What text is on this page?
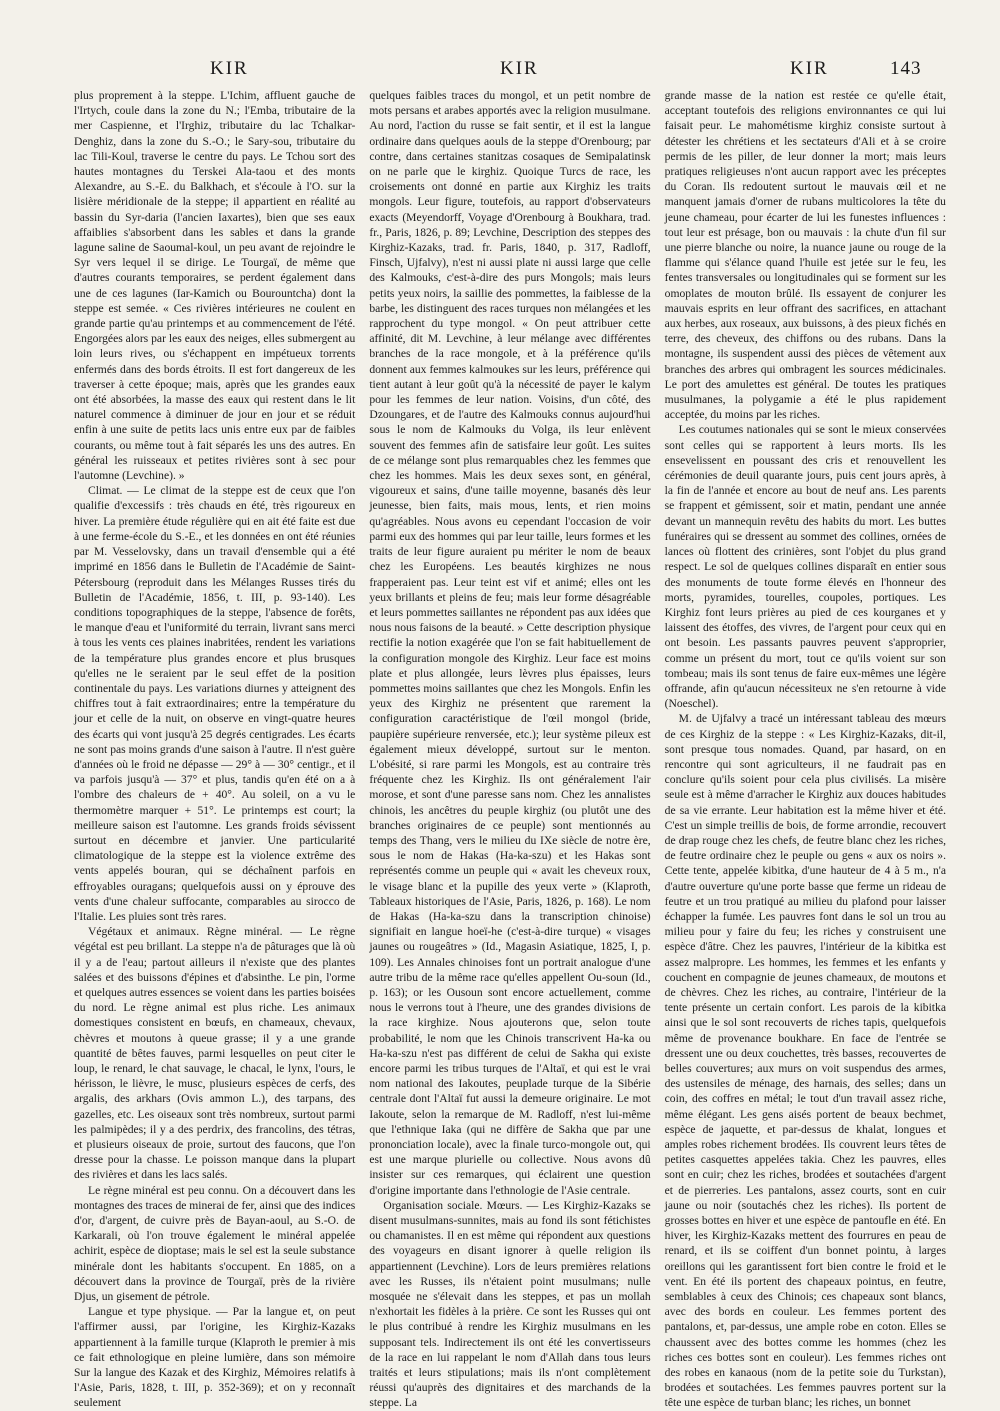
KIR	KIR	KIR	143

plus proprement à la steppe. L'Ichim, affluent gauche de l'Irtych, coule dans la zone du N.; l'Emba, tributaire de la mer Caspienne, et l'Irghiz, tributaire du lac Tchalkar-Denghiz, dans la zone du S.-O.; le Sary-sou, tributaire du lac Tili-Koul, traverse le centre du pays. Le Tchou sort des hautes montagnes du Terskei Ala-taou et des monts Alexandre, au S.-E. du Balkhach, et s'écoule à l'O. sur la lisière méridionale de la steppe; il appartient en réalité au bassin du Syr-daria (l'ancien Iaxartes), bien que ses eaux affaiblies s'absorbent dans les sables et dans la grande lagune saline de Saoumal-koul, un peu avant de rejoindre le Syr vers lequel il se dirige. Le Tourgaï, de même que d'autres courants temporaires, se perdent également dans une de ces lagunes (Iar-Kamich ou Bourountcha) dont la steppe est semée. « Ces rivières intérieures ne coulent en grande partie qu'au printemps et au commencement de l'été. Engorgées alors par les eaux des neiges, elles submergent au loin leurs rives, ou s'échappent en impétueux torrents enfermés dans des bords étroits. Il est fort dangereux de les traverser à cette époque; mais, après que les grandes eaux ont été absorbées, la masse des eaux qui restent dans le lit naturel commence à diminuer de jour en jour et se réduit enfin à une suite de petits lacs unis entre eux par de faibles courants, ou même tout à fait séparés les uns des autres. En général les ruisseaux et petites rivières sont à sec pour l'automne (Levchine). »

Climat. — Le climat de la steppe est de ceux que l'on qualifie d'excessifs : très chauds en été, très rigoureux en hiver. La première étude régulière qui en ait été faite est due à une ferme-école du S.-E., et les données en ont été réunies par M. Vesselovsky, dans un travail d'ensemble qui a été imprimé en 1856 dans le Bulletin de l'Académie de Saint-Pétersbourg (reproduit dans les Mélanges Russes tirés du Bulletin de l'Académie, 1856, t. III, p. 93-140). Les conditions topographiques de la steppe, l'absence de forêts, le manque d'eau et l'uniformité du terrain, livrant sans merci à tous les vents ces plaines inabritées, rendent les variations de la température plus grandes encore et plus brusques qu'elles ne le seraient par le seul effet de la position continentale du pays. Les variations diurnes y atteignent des chiffres tout à fait extraordinaires; entre la température du jour et celle de la nuit, on observe en vingt-quatre heures des écarts qui vont jusqu'à 25 degrés centigrades. Les écarts ne sont pas moins grands d'une saison à l'autre. Il n'est guère d'années où le froid ne dépasse — 29° à — 30° centigr., et il va parfois jusqu'à — 37° et plus, tandis qu'en été on a à l'ombre des chaleurs de + 40°. Au soleil, on a vu le thermomètre marquer + 51°. Le printemps est court; la meilleure saison est l'automne. Les grands froids sévissent surtout en décembre et janvier. Une particularité climatologique de la steppe est la violence extrême des vents appelés bouran, qui se déchaînent parfois en effroyables ouragans; quelquefois aussi on y éprouve des vents d'une chaleur suffocante, comparables au sirocco de l'Italie. Les pluies sont très rares.

Végétaux et animaux. Règne minéral. — Le règne végétal est peu brillant. La steppe n'a de pâturages que là où il y a de l'eau; partout ailleurs il n'existe que des plantes salées et des buissons d'épines et d'absinthe. Le pin, l'orme et quelques autres essences se voient dans les parties boisées du nord. Le règne animal est plus riche. Les animaux domestiques consistent en bœufs, en chameaux, chevaux, chèvres et moutons à queue grasse; il y a une grande quantité de bêtes fauves, parmi lesquelles on peut citer le loup, le renard, le chat sauvage, le chacal, le lynx, l'ours, le hérisson, le lièvre, le musc, plusieurs espèces de cerfs, des argalis, des arkhars (Ovis ammon L.), des tarpans, des gazelles, etc. Les oiseaux sont très nombreux, surtout parmi les palmipèdes; il y a des perdrix, des francolins, des tétras, et plusieurs oiseaux de proie, surtout des faucons, que l'on dresse pour la chasse. Le poisson manque dans la plupart des rivières et dans les lacs salés.

Le règne minéral est peu connu. On a découvert dans les montagnes des traces de minerai de fer, ainsi que des indices d'or, d'argent, de cuivre près de Bayan-aoul, au S.-O. de Karkarali, où l'on trouve également le minéral appelée achirit, espèce de dioptase; mais le sel est la seule substance minérale dont les habitants s'occupent. En 1885, on a découvert dans la province de Tourgaï, près de la rivière Djus, un gisement de pétrole.

Langue et type physique. — Par la langue et, on peut l'affirmer aussi, par l'origine, les Kirghiz-Kazaks appartiennent à la famille turque (Klaproth le premier à mis ce fait ethnologique en pleine lumière, dans son mémoire Sur la langue des Kazak et des Kirghiz, Mémoires relatifs à l'Asie, Paris, 1828, t. III, p. 352-369); et on y reconnaît seulement

quelques faibles traces du mongol, et un petit nombre de mots persans et arabes apportés avec la religion musulmane. Au nord, l'action du russe se fait sentir, et il est la langue ordinaire dans quelques aouls de la steppe d'Orenbourg; par contre, dans certaines stanitzas cosaques de Semipalatinsk on ne parle que le kirghiz. Quoique Turcs de race, les croisements ont donné en partie aux Kirghiz les traits mongols. Leur figure, toutefois, au rapport d'observateurs exacts (Meyendorff, Voyage d'Orenbourg à Boukhara, trad. fr., Paris, 1826, p. 89; Levchine, Description des steppes des Kirghiz-Kazaks, trad. fr. Paris, 1840, p. 317, Radloff, Finsch, Ujfalvy), n'est ni aussi plate ni aussi large que celle des Kalmouks, c'est-à-dire des purs Mongols; mais leurs petits yeux noirs, la saillie des pommettes, la faiblesse de la barbe, les distinguent des races turques non mélangées et les rapprochent du type mongol. « On peut attribuer cette affinité, dit M. Levchine, à leur mélange avec différentes branches de la race mongole, et à la préférence qu'ils donnent aux femmes kalmoukes sur les leurs, préférence qui tient autant à leur goût qu'à la nécessité de payer le kalym pour les femmes de leur nation. Voisins, d'un côté, des Dzoungares, et de l'autre des Kalmouks connus aujourd'hui sous le nom de Kalmouks du Volga, ils leur enlèvent souvent des femmes afin de satisfaire leur goût. Les suites de ce mélange sont plus remarquables chez les femmes que chez les hommes. Mais les deux sexes sont, en général, vigoureux et sains, d'une taille moyenne, basanés dès leur jeunesse, bien faits, mais mous, lents, et rien moins qu'agréables. Nous avons eu cependant l'occasion de voir parmi eux des hommes qui par leur taille, leurs formes et les traits de leur figure auraient pu mériter le nom de beaux chez les Européens. Les beautés kirghizes ne nous frapperaient pas. Leur teint est vif et animé; elles ont les yeux brillants et pleins de feu; mais leur forme désagréable et leurs pommettes saillantes ne répondent pas aux idées que nous nous faisons de la beauté. » Cette description physique rectifie la notion exagérée que l'on se fait habituellement de la configuration mongole des Kirghiz. Leur face est moins plate et plus allongée, leurs lèvres plus épaisses, leurs pommettes moins saillantes que chez les Mongols. Enfin les yeux des Kirghiz ne présentent que rarement la configuration caractéristique de l'œil mongol (bride, paupière supérieure renversée, etc.); leur système pileux est également mieux développé, surtout sur le menton. L'obésité, si rare parmi les Mongols, est au contraire très fréquente chez les Kirghiz. Ils ont généralement l'air morose, et sont d'une paresse sans nom. Chez les annalistes chinois, les ancêtres du peuple kirghiz (ou plutôt une des branches originaires de ce peuple) sont mentionnés au temps des Thang, vers le milieu du IXe siècle de notre ère, sous le nom de Hakas (Ha-ka-szu) et les Hakas sont représentés comme un peuple qui « avait les cheveux roux, le visage blanc et la pupille des yeux verte » (Klaproth, Tableaux historiques de l'Asie, Paris, 1826, p. 168). Le nom de Hakas (Ha-ka-szu dans la transcription chinoise) signifiait en langue hoeï-he (c'est-à-dire turque) « visages jaunes ou rougeâtres » (Id., Magasin Asiatique, 1825, I, p. 109). Les Annales chinoises font un portrait analogue d'une autre tribu de la même race qu'elles appellent Ou-soun (Id., p. 163); or les Ousoun sont encore actuellement, comme nous le verrons tout à l'heure, une des grandes divisions de la race kirghize. Nous ajouterons que, selon toute probabilité, le nom que les Chinois transcrivent Ha-ka ou Ha-ka-szu n'est pas différent de celui de Sakha qui existe encore parmi les tribus turques de l'Altaï, et qui est le vrai nom national des Iakoutes, peuplade turque de la Sibérie centrale dont l'Altaï fut aussi la demeure originaire. Le mot Iakoute, selon la remarque de M. Radloff, n'est lui-même que l'ethnique Iaka (qui ne diffère de Sakha que par une prononciation locale), avec la finale turco-mongole out, qui est une marque plurielle ou collective. Nous avons dû insister sur ces remarques, qui éclairent une question d'origine importante dans l'ethnologie de l'Asie centrale.

Organisation sociale. Mœurs. — Les Kirghiz-Kazaks se disent musulmans-sunnites, mais au fond ils sont fétichistes ou chamanistes. Il en est même qui répondent aux questions des voyageurs en disant ignorer à quelle religion ils appartiennent (Levchine). Lors de leurs premières relations avec les Russes, ils n'étaient point musulmans; nulle mosquée ne s'élevait dans les steppes, et pas un mollah n'exhortait les fidèles à la prière. Ce sont les Russes qui ont le plus contribué à rendre les Kirghiz musulmans en les supposant tels. Indirectement ils ont été les convertisseurs de la race en lui rappelant le nom d'Allah dans tous leurs traités et leurs stipulations; mais ils n'ont complètement réussi qu'auprès des dignitaires et des marchands de la steppe. La

grande masse de la nation est restée ce qu'elle était, acceptant toutefois des religions environnantes ce qui lui faisait peur. Le mahométisme kirghiz consiste surtout à détester les chrétiens et les sectateurs d'Ali et à se croire permis de les piller, de leur donner la mort; mais leurs pratiques religieuses n'ont aucun rapport avec les préceptes du Coran. Ils redoutent surtout le mauvais œil et ne manquent jamais d'orner de rubans multicolores la tête du jeune chameau, pour écarter de lui les funestes influences : tout leur est présage, bon ou mauvais : la chute d'un fil sur une pierre blanche ou noire, la nuance jaune ou rouge de la flamme qui s'élance quand l'huile est jetée sur le feu, les fentes transversales ou longitudinales qui se forment sur les omoplates de mouton brûlé. Ils essayent de conjurer les mauvais esprits en leur offrant des sacrifices, en attachant aux herbes, aux roseaux, aux buissons, à des pieux fichés en terre, des cheveux, des chiffons ou des rubans. Dans la montagne, ils suspendent aussi des pièces de vêtement aux branches des arbres qui ombragent les sources médicinales. Le port des amulettes est général. De toutes les pratiques musulmanes, la polygamie a été le plus rapidement acceptée, du moins par les riches.

Les coutumes nationales qui se sont le mieux conservées sont celles qui se rapportent à leurs morts. Ils les ensevelissent en poussant des cris et renouvellent les cérémonies de deuil quarante jours, puis cent jours après, à la fin de l'année et encore au bout de neuf ans. Les parents se frappent et gémissent, soir et matin, pendant une année devant un mannequin revêtu des habits du mort. Les buttes funéraires qui se dressent au sommet des collines, ornées de lances où flottent des crinières, sont l'objet du plus grand respect. Le sol de quelques collines disparaît en entier sous des monuments de toute forme élevés en l'honneur des morts, pyramides, tourelles, coupoles, portiques. Les Kirghiz font leurs prières au pied de ces kourganes et y laissent des étoffes, des vivres, de l'argent pour ceux qui en ont besoin. Les passants pauvres peuvent s'approprier, comme un présent du mort, tout ce qu'ils voient sur son tombeau; mais ils sont tenus de faire eux-mêmes une légère offrande, afin qu'aucun nécessiteux ne s'en retourne à vide (Noeschel).

M. de Ujfalvy a tracé un intéressant tableau des mœurs de ces Kirghiz de la steppe : « Les Kirghiz-Kazaks, dit-il, sont presque tous nomades. Quand, par hasard, on en rencontre qui sont agriculteurs, il ne faudrait pas en conclure qu'ils soient pour cela plus civilisés. La misère seule est à même d'arracher le Kirghiz aux douces habitudes de sa vie errante. Leur habitation est la même hiver et été. C'est un simple treillis de bois, de forme arrondie, recouvert de drap rouge chez les chefs, de feutre blanc chez les riches, de feutre ordinaire chez le peuple ou gens « aux os noirs ». Cette tente, appelée kibitka, d'une hauteur de 4 à 5 m., n'a d'autre ouverture qu'une porte basse que ferme un rideau de feutre et un trou pratiqué au milieu du plafond pour laisser échapper la fumée. Les pauvres font dans le sol un trou au milieu pour y faire du feu; les riches y construisent une espèce d'âtre. Chez les pauvres, l'intérieur de la kibitka est assez malpropre. Les hommes, les femmes et les enfants y couchent en compagnie de jeunes chameaux, de moutons et de chèvres. Chez les riches, au contraire, l'intérieur de la tente présente un certain confort. Les parois de la kibitka ainsi que le sol sont recouverts de riches tapis, quelquefois même de provenance boukhare. En face de l'entrée se dressent une ou deux couchettes, très basses, recouvertes de belles couvertures; aux murs on voit suspendus des armes, des ustensiles de ménage, des harnais, des selles; dans un coin, des coffres en métal; le tout d'un travail assez riche, même élégant. Les gens aisés portent de beaux bechmet, espèce de jaquette, et par-dessus de khalat, longues et amples robes richement brodées. Ils couvrent leurs têtes de petites casquettes appelées takia. Chez les pauvres, elles sont en cuir; chez les riches, brodées et soutachées d'argent et de pierreries. Les pantalons, assez courts, sont en cuir jaune ou noir (soutachés chez les riches). Ils portent de grosses bottes en hiver et une espèce de pantoufle en été. En hiver, les Kirghiz-Kazaks mettent des fourrures en peau de renard, et ils se coiffent d'un bonnet pointu, à larges oreillons qui les garantissent fort bien contre le froid et le vent. En été ils portent des chapeaux pointus, en feutre, semblables à ceux des Chinois; ces chapeaux sont blancs, avec des bords en couleur. Les femmes portent des pantalons, et, par-dessus, une ample robe en coton. Elles se chaussent avec des bottes comme les hommes (chez les riches ces bottes sont en couleur). Les femmes riches ont des robes en kanaous (nom de la petite soie du Turkstan), brodées et soutachées. Les femmes pauvres portent sur la tête une espèce de turban blanc; les riches, un bonnet
